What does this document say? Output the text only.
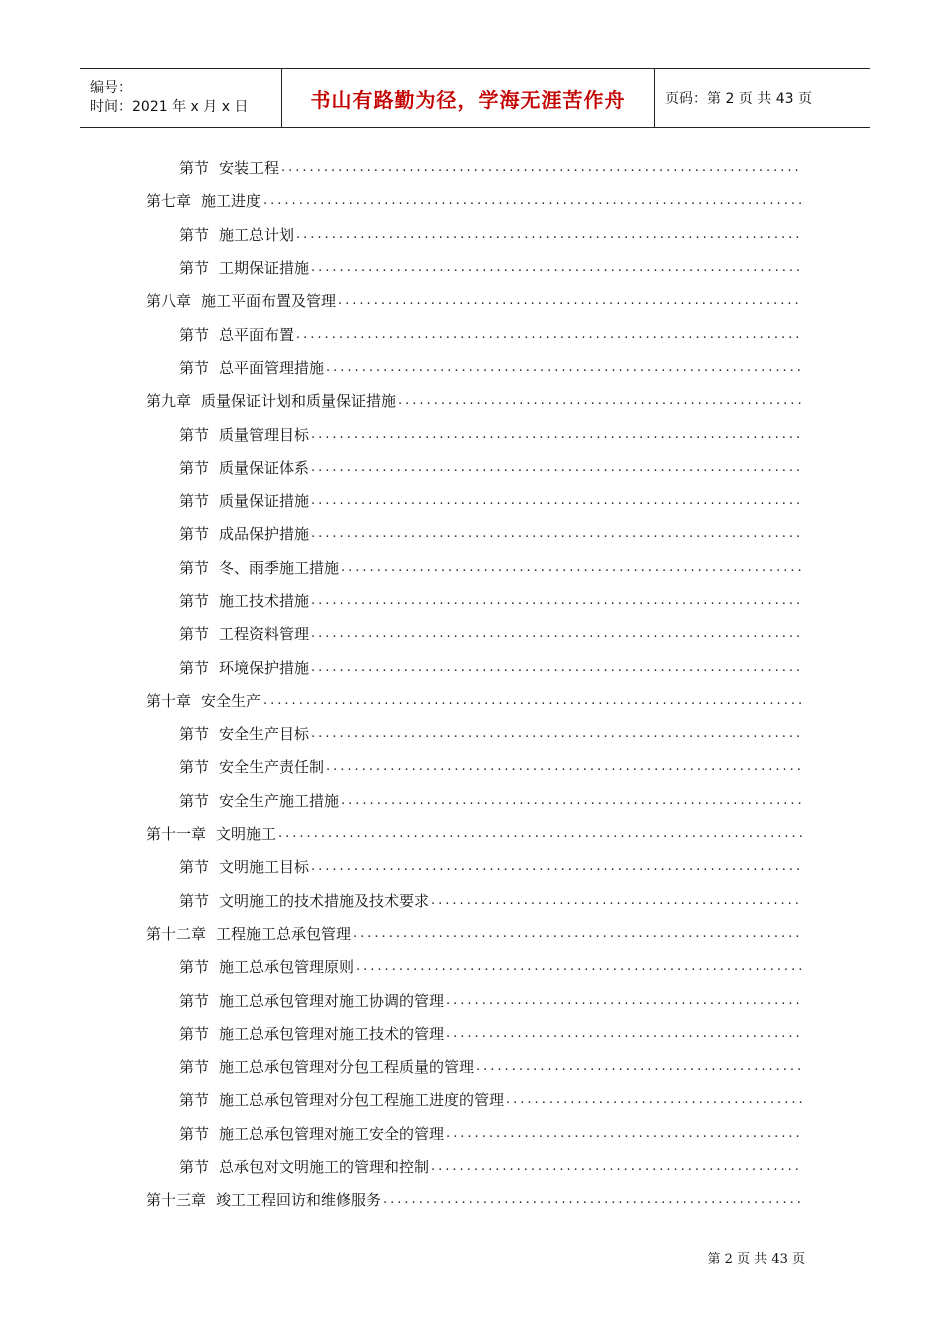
编号：
时间：2021 年 x 月 x 日	书山有路勤为径，学海无涯苦作舟	页码：第 2 页 共 43 页
第节 安装工程
.....
第七章 施工进度
.....
第节 施工总计划
.....
第节 工期保证措施
.....
第八章 施工平面布置及管理
.....
第节 总平面布置
.....
第节 总平面管理措施
.....
第九章 质量保证计划和质量保证措施
.....
第节 质量管理目标
.....
第节 质量保证体系
.....
第节 质量保证措施
.....
第节 成品保护措施
.....
第节 冬、雨季施工措施
.....
第节 施工技术措施
.....
第节 工程资料管理
.....
第节 环境保护措施
.....
第十章 安全生产
.....
第节 安全生产目标
.....
第节 安全生产责任制
.....
第节 安全生产施工措施
.....
第十一章 文明施工
.....
第节 文明施工目标
.....
第节 文明施工的技术措施及技术要求
.....
第十二章 工程施工总承包管理
.....
第节 施工总承包管理原则
.....
第节 施工总承包管理对施工协调的管理
.....
第节 施工总承包管理对施工技术的管理
.....
第节 施工总承包管理对分包工程质量的管理
.....
第节 施工总承包管理对分包工程施工进度的管理
.....
第节 施工总承包管理对施工安全的管理
.....
第节 总承包对文明施工的管理和控制
.....
第十三章 竣工工程回访和维修服务
.....
第 2 页 共 43 页
